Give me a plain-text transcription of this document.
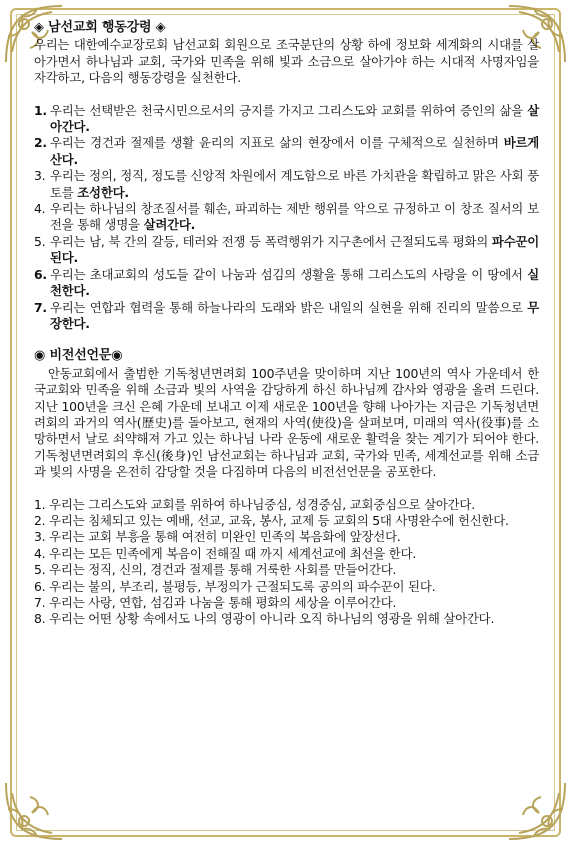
◈ 남선교회 행동강령 ◈

우리는 대한예수교장로회 남선교회 회원으로 조국분단의 상황 하에 정보화 세계화의 시대를 살아가면서 하나님과 교회, 국가와 민족을 위해 빛과 소금으로 살아가야 하는 시대적 사명자임을 자각하고, 다음의 행동강령을 실천한다.

1. 우리는 선택받은 천국시민으로서의 긍지를 가지고 그리스도와 교회를 위하여 증인의 삶을 살아간다.
2. 우리는 경건과 절제를 생활 윤리의 지표로 삶의 현장에서 이를 구체적으로 실천하며 바르게 산다.
3. 우리는 정의, 정직, 정도를 신앙적 차원에서 계도함으로 바른 가치관을 확립하고 맑은 사회 풍토를 조성한다.
4. 우리는 하나님의 창조질서를 훼손, 파괴하는 제반 행위를 악으로 규정하고 이 창조 질서의 보전을 통해 생명을 살려간다.
5. 우리는 남, 북 간의 갈등, 테러와 전쟁 등 폭력행위가 지구촌에서 근절되도록 평화의 파수꾼이 된다.
6. 우리는 초대교회의 성도들 같이 나눔과 섬김의 생활을 통해 그리스도의 사랑을 이 땅에서 실천한다.
7. 우리는 연합과 협력을 통해 하늘나라의 도래와 밝은 내일의 실현을 위해 진리의 말씀으로 무장한다.
◉ 비전선언문◉

안동교회에서 출범한 기독청년면려회 100주년을 맞이하며 지난 100년의 역사 가운데서 한국교회와 민족을 위해 소금과 빛의 사역을 감당하게 하신 하나님께 감사와 영광을 올려 드린다. 지난 100년을 크신 은혜 가운데 보내고 이제 새로운 100년을 향해 나아가는 지금은 기독청년면려회의 과거의 역사(歷史)를 돌아보고, 현재의 사역(使役)을 살펴보며, 미래의 역사(役事)를 소망하면서 날로 쇠약해져 가고 있는 하나님 나라 운동에 새로운 활력을 찾는 계기가 되어야 한다. 기독청년면려회의 후신(後身)인 남선교회는 하나님과 교회, 국가와 민족, 세계선교를 위해 소금과 빛의 사명을 온전히 감당할 것을 다짐하며 다음의 비전선언문을 공포한다.

1. 우리는 그리스도와 교회를 위하여 하나님중심, 성경중심, 교회중심으로 살아간다.
2. 우리는 침체되고 있는 예배, 선교, 교육, 봉사, 교제 등 교회의 5대 사명완수에 헌신한다.
3. 우리는 교회 부흥을 통해 여전히 미완인 민족의 복음화에 앞장선다.
4. 우리는 모든 민족에게 복음이 전해질 때 까지 세계선교에 최선을 한다.
5. 우리는 정직, 신의, 경건과 절제를 통해 거룩한 사회를 만들어간다.
6. 우리는 불의, 부조리, 불평등, 부정의가 근절되도록 공의의 파수꾼이 된다.
7. 우리는 사랑, 연합, 섬김과 나눔을 통해 평화의 세상을 이루어간다.
8. 우리는 어떤 상황 속에서도 나의 영광이 아니라 오직 하나님의 영광을 위해 살아간다.
